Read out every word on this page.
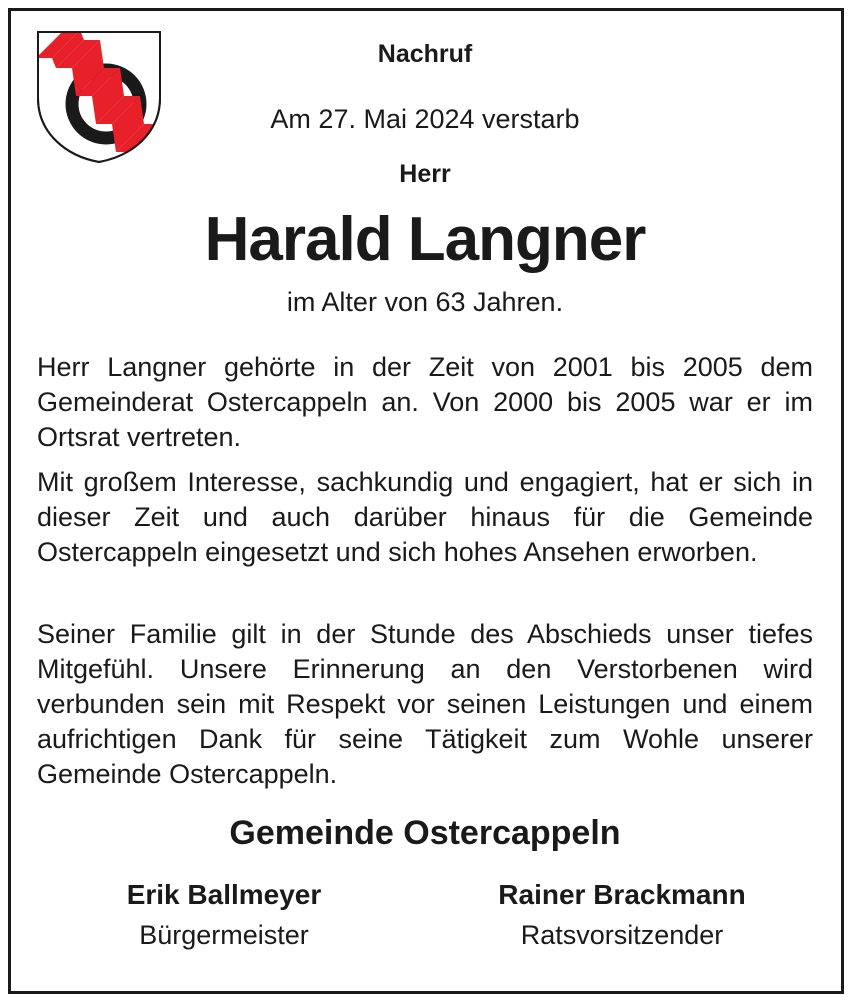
Nachruf
Am 27. Mai 2024 verstarb
Herr
Harald Langner
im Alter von 63 Jahren.

Herr Langner gehörte in der Zeit von 2001 bis 2005 dem Gemeinderat Ostercappeln an. Von 2000 bis 2005 war er im Ortsrat vertreten.

Mit großem Interesse, sachkundig und engagiert, hat er sich in dieser Zeit und auch darüber hinaus für die Gemeinde Ostercappeln eingesetzt und sich hohes Ansehen erworben.

Seiner Familie gilt in der Stunde des Abschieds unser tiefes Mitgefühl. Unsere Erinnerung an den Verstorbenen wird verbunden sein mit Respekt vor seinen Leistungen und einem aufrichtigen Dank für seine Tätigkeit zum Wohle unserer Gemeinde Ostercappeln.

Gemeinde Ostercappeln
Erik Ballmeyer
Bürgermeister
Rainer Brackmann
Ratsvorsitzender
